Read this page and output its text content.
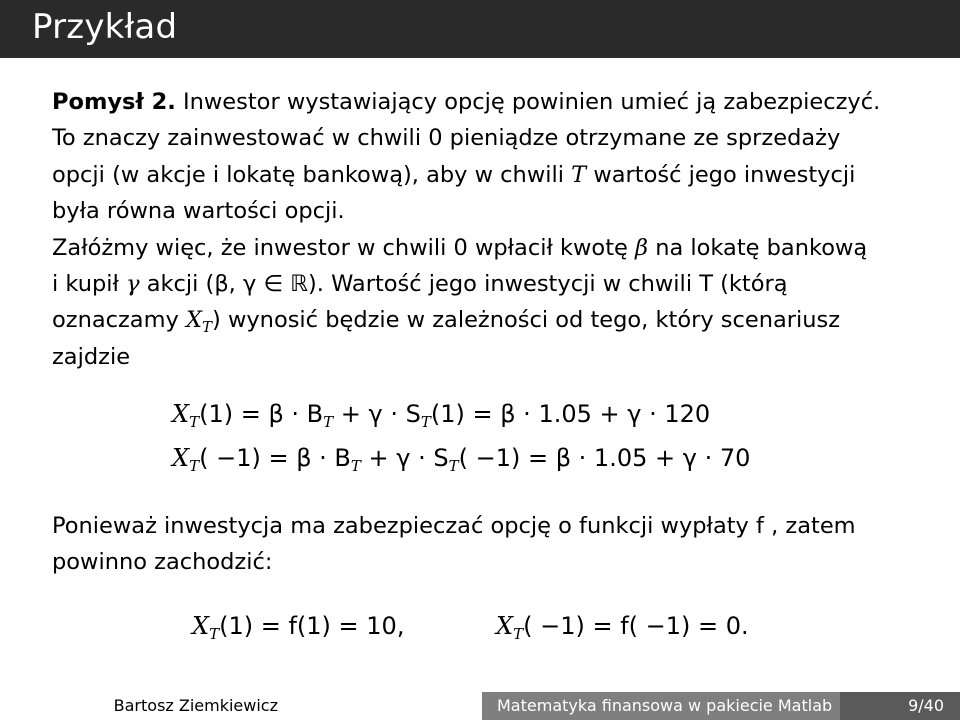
Przykład
Pomysł 2. Inwestor wystawiający opcję powinien umieć ją zabezpieczyć.
To znaczy zainwestować w chwili 0 pieniądze otrzymane ze sprzedaży
opcji (w akcje i lokatę bankową), aby w chwili T wartość jego inwestycji
była równa wartości opcji.
Załóżmy więc, że inwestor w chwili 0 wpłacił kwotę β na lokatę bankową
i kupił γ akcji (β, γ ∈ ℝ). Wartość jego inwestycji w chwili T (którą
oznaczamy $X_T$) wynosić będzie w zależności od tego, który scenariusz
zajdzie
$X_T(1) = \beta \cdot B_T + \gamma \cdot S_T(1) = \beta \cdot 1.05 + \gamma \cdot 120$
$X_T( -1) = \beta \cdot B_T + \gamma \cdot S_T( -1) = \beta \cdot 1.05 + \gamma \cdot 70$
Ponieważ inwestycja ma zabezpieczać opcję o funkcji wypłaty f , zatem
powinno zachodzić:
$X_T(1) = f(1) = 10$,	$X_T( -1) = f( -1) = 0$.
Bartosz Ziemkiewicz	Matematyka finansowa w pakiecie Matlab	9/40
